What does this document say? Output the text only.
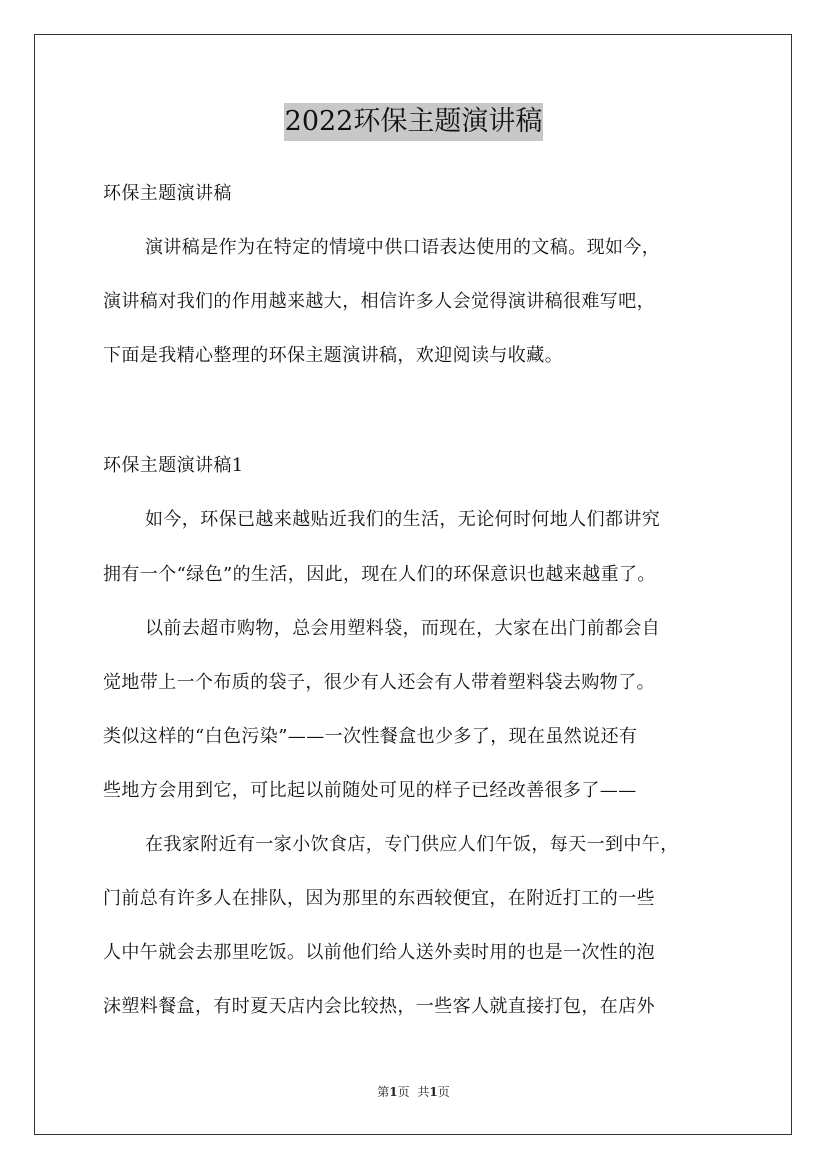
2022环保主题演讲稿
环保主题演讲稿
演讲稿是作为在特定的情境中供口语表达使用的文稿。现如今，
演讲稿对我们的作用越来越大，相信许多人会觉得演讲稿很难写吧，
下面是我精心整理的环保主题演讲稿，欢迎阅读与收藏。
环保主题演讲稿1
如今，环保已越来越贴近我们的生活，无论何时何地人们都讲究
拥有一个“绿色”的生活，因此，现在人们的环保意识也越来越重了。
以前去超市购物，总会用塑料袋，而现在，大家在出门前都会自
觉地带上一个布质的袋子，很少有人还会有人带着塑料袋去购物了。
类似这样的“白色污染”——一次性餐盒也少多了，现在虽然说还有
些地方会用到它，可比起以前随处可见的样子已经改善很多了——
在我家附近有一家小饮食店，专门供应人们午饭，每天一到中午，
门前总有许多人在排队，因为那里的东西较便宜，在附近打工的一些
人中午就会去那里吃饭。以前他们给人送外卖时用的也是一次性的泡
沫塑料餐盒，有时夏天店内会比较热，一些客人就直接打包，在店外
第1页 共1页
